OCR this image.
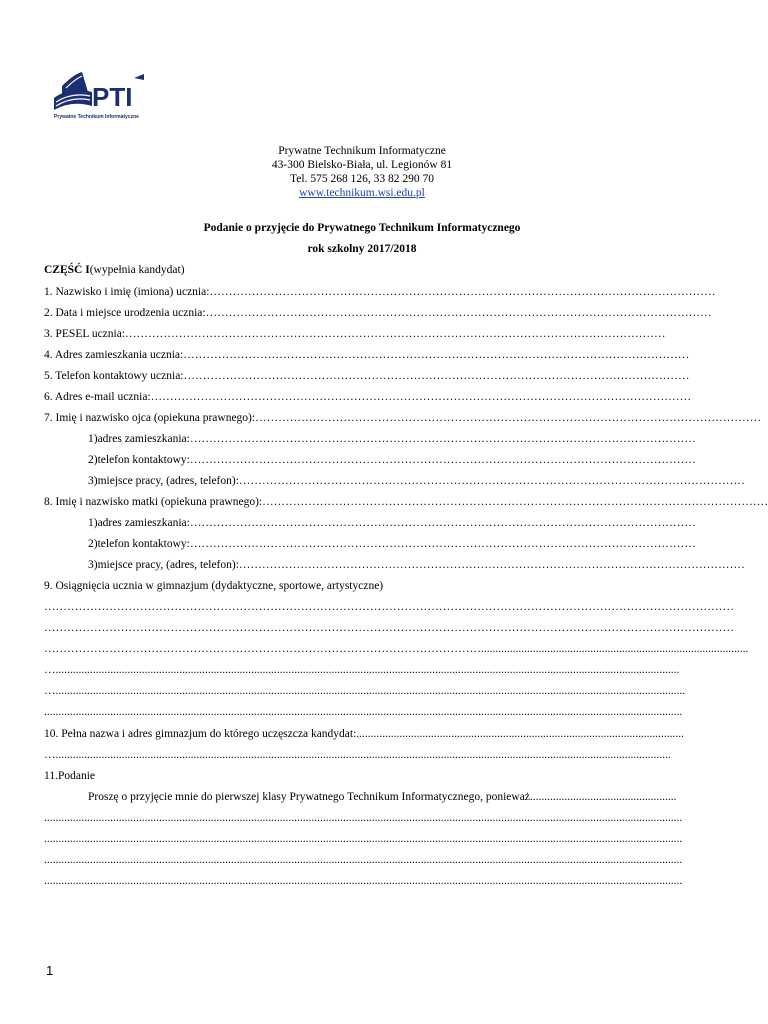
PTI
Prywatne Technikum Informatyczne
Prywatne Technikum Informatyczne
43-300 Bielsko-Biała, ul. Legionów 81
Tel. 575 268 126, 33 82 290 70
www.technikum.wsi.edu.pl
Podanie o przyjęcie do Prywatnego Technikum Informatycznego
rok szkolny 2017/2018
CZĘŚĆ I(wypełnia kandydat)
1. Nazwisko i imię (imiona) ucznia:……………………………………………………………………………………………………………………
2. Data i miejsce urodzenia ucznia:……………………………………………………………………………………………………………………
3. PESEL ucznia:……………………………………………………………………………………………………………………………
4. Adres zamieszkania ucznia:……………………………………………………………………………………………………………………
5. Telefon kontaktowy ucznia:……………………………………………………………………………………………………………………
6. Adres e-mail ucznia:……………………………………………………………………………………………………………………………
7. Imię i nazwisko ojca (opiekuna prawnego):……………………………………………………………………………………………………………………
1)adres zamieszkania:……………………………………………………………………………………………………………………
2)telefon kontaktowy:……………………………………………………………………………………………………………………
3)miejsce pracy, (adres, telefon):……………………………………………………………………………………………………………………
8. Imię i nazwisko matki (opiekuna prawnego):……………………………………………………………………………………………………………………
1)adres zamieszkania:……………………………………………………………………………………………………………………
2)telefon kontaktowy:……………………………………………………………………………………………………………………
3)miejsce pracy, (adres, telefon):……………………………………………………………………………………………………………………
9. Osiągnięcia ucznia w gimnazjum (dydaktyczne, sportowe, artystyczne)
………………………………………………………………………………………………………………………………………………………………
………………………………………………………………………………………………………………………………………………………………
…………………………………………………………………………………………………….............................................................................................
….........................................................................................................................................................................................................................
…...........................................................................................................................................................................................................................
..............................................................................................................................................................................................................................
10. Pełna nazwa i adres gimnazjum do którego uczęszcza kandydat:..................................................................................................................
…......................................................................................................................................................................................................................
11.Podanie
Proszę o przyjęcie mnie do pierwszej klasy Prywatnego Technikum Informatycznego, ponieważ...................................................
..............................................................................................................................................................................................................................
..............................................................................................................................................................................................................................
..............................................................................................................................................................................................................................
..............................................................................................................................................................................................................................
1
